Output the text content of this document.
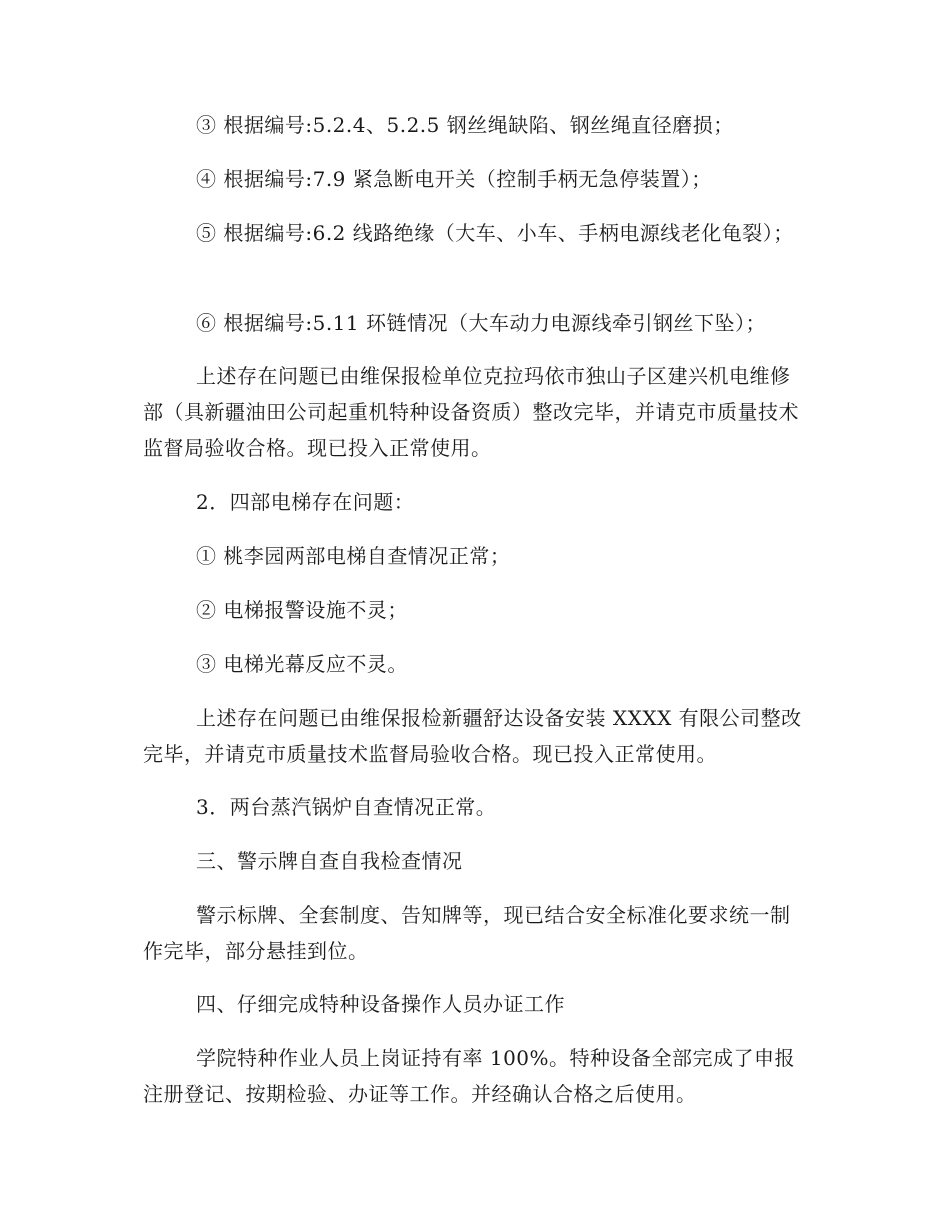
③ 根据编号:5.2.4、5.2.5 钢丝绳缺陷、钢丝绳直径磨损；

④ 根据编号:7.9 紧急断电开关（控制手柄无急停装置）；

⑤ 根据编号:6.2 线路绝缘（大车、小车、手柄电源线老化龟裂）；

⑥ 根据编号:5.11 环链情况（大车动力电源线牵引钢丝下坠）；

上述存在问题已由维保报检单位克拉玛依市独山子区建兴机电维修部（具新疆油田公司起重机特种设备资质）整改完毕，并请克市质量技术监督局验收合格。现已投入正常使用。

2．四部电梯存在问题：

① 桃李园两部电梯自查情况正常；

② 电梯报警设施不灵；

③ 电梯光幕反应不灵。

上述存在问题已由维保报检新疆舒达设备安装 XXXX 有限公司整改完毕，并请克市质量技术监督局验收合格。现已投入正常使用。

3．两台蒸汽锅炉自查情况正常。

三、警示牌自查自我检查情况

警示标牌、全套制度、告知牌等，现已结合安全标准化要求统一制作完毕，部分悬挂到位。

四、仔细完成特种设备操作人员办证工作

学院特种作业人员上岗证持有率 100%。特种设备全部完成了申报注册登记、按期检验、办证等工作。并经确认合格之后使用。
